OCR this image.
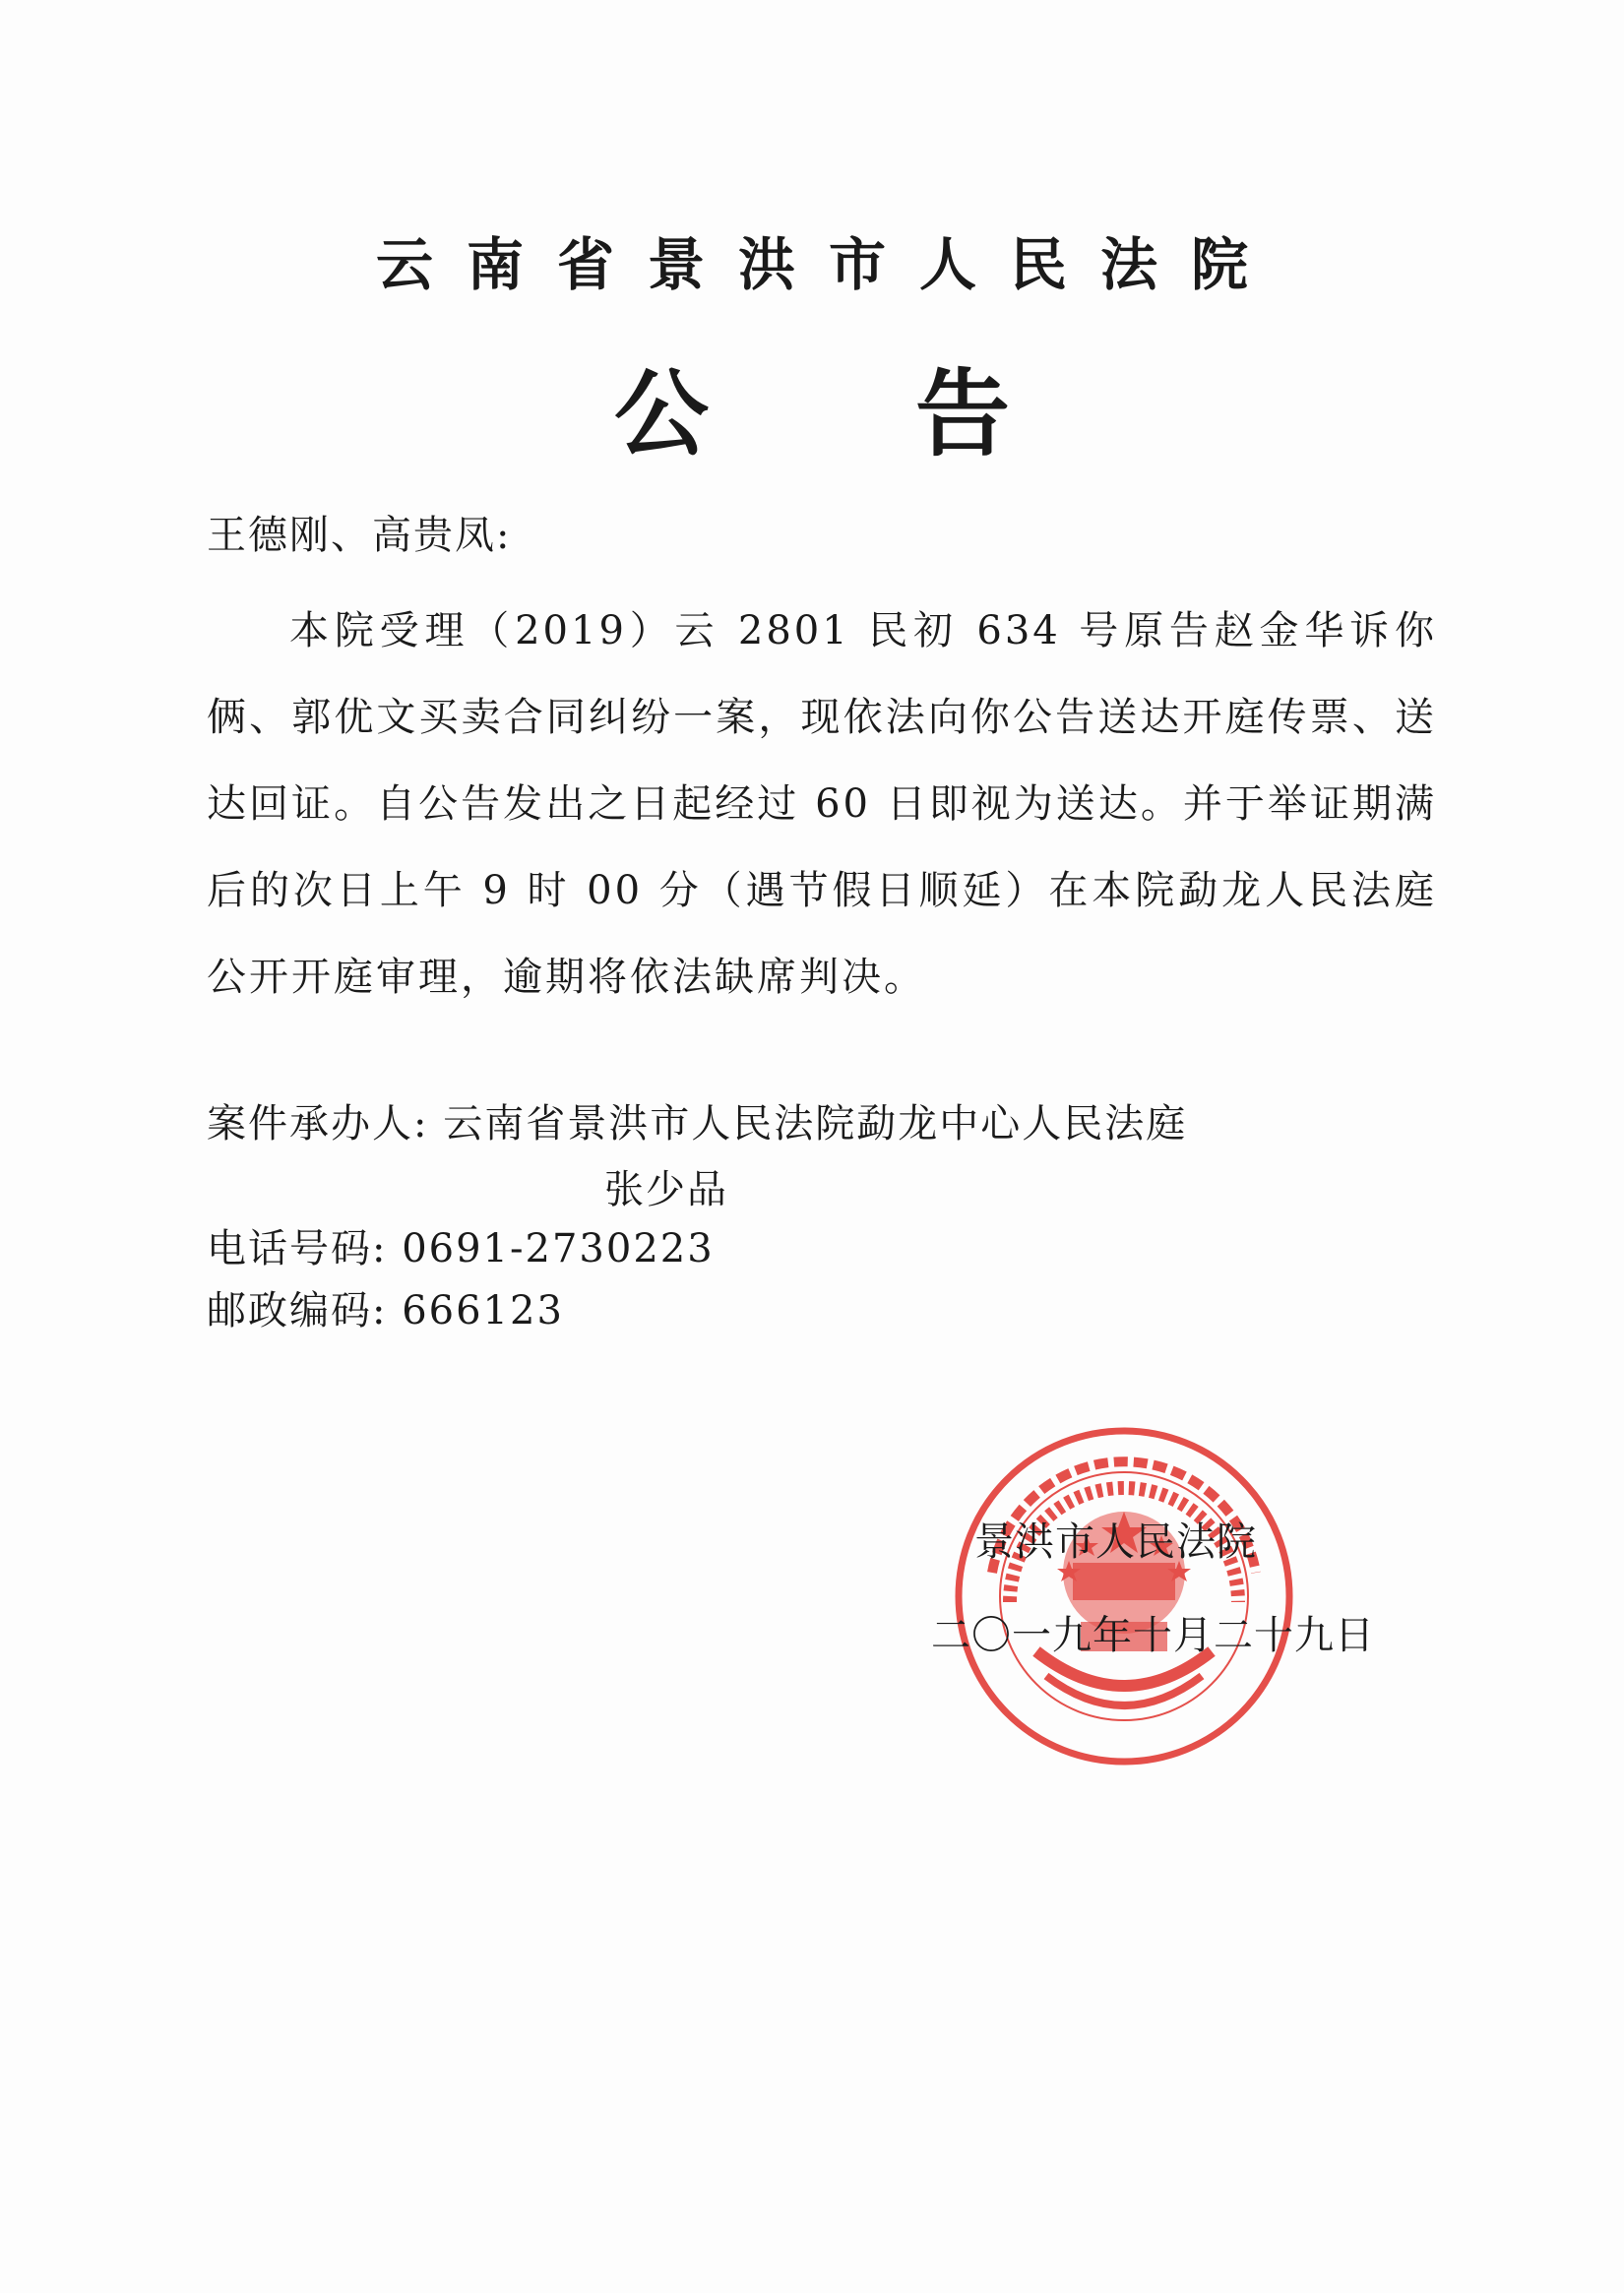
云南省景洪市人民法院
公 告
王德刚、高贵凤:

本院受理（2019）云 2801 民初 634 号原告赵金华诉你俩、郭优文买卖合同纠纷一案，现依法向你公告送达开庭传票、送达回证。自公告发出之日起经过 60 日即视为送达。并于举证期满后的次日上午 9 时 00 分（遇节假日顺延）在本院勐龙人民法庭公开开庭审理，逾期将依法缺席判决。

案件承办人: 云南省景洪市人民法院勐龙中心人民法庭
张少品
电话号码: 0691-2730223
邮政编码: 666123
景洪市人民法院
二〇一九年十月二十九日
